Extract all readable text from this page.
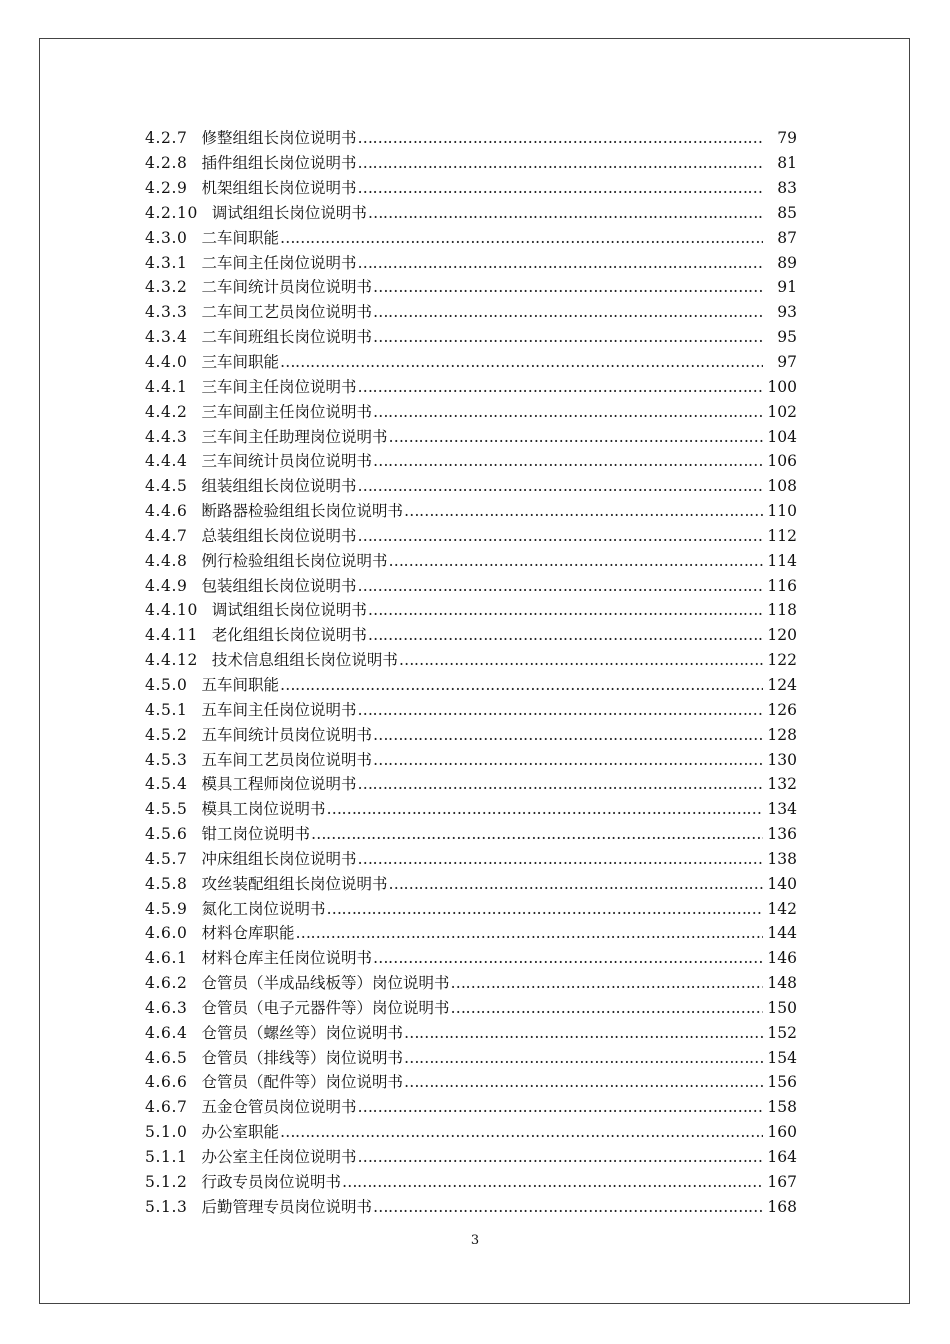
4.2.7 修整组组长岗位说明书 ……………………………………………………………………………………………………………………………………………………………	79
4.2.8 插件组组长岗位说明书 ……………………………………………………………………………………………………………………………………………………………	81
4.2.9 机架组组长岗位说明书 ……………………………………………………………………………………………………………………………………………………………	83
4.2.10 调试组组长岗位说明书 ……………………………………………………………………………………………………………………………………………………………	85
4.3.0 二车间职能 ……………………………………………………………………………………………………………………………………………………………	87
4.3.1 二车间主任岗位说明书 ……………………………………………………………………………………………………………………………………………………………	89
4.3.2 二车间统计员岗位说明书 ……………………………………………………………………………………………………………………………………………………………	91
4.3.3 二车间工艺员岗位说明书 ……………………………………………………………………………………………………………………………………………………………	93
4.3.4 二车间班组长岗位说明书 ……………………………………………………………………………………………………………………………………………………………	95
4.4.0 三车间职能 ……………………………………………………………………………………………………………………………………………………………	97
4.4.1 三车间主任岗位说明书 ……………………………………………………………………………………………………………………………………………………………	100
4.4.2 三车间副主任岗位说明书 ……………………………………………………………………………………………………………………………………………………………	102
4.4.3 三车间主任助理岗位说明书 ……………………………………………………………………………………………………………………………………………………………	104
4.4.4 三车间统计员岗位说明书 ……………………………………………………………………………………………………………………………………………………………	106
4.4.5 组装组组长岗位说明书 ……………………………………………………………………………………………………………………………………………………………	108
4.4.6 断路器检验组组长岗位说明书 ……………………………………………………………………………………………………………………………………………………………	110
4.4.7 总装组组长岗位说明书 ……………………………………………………………………………………………………………………………………………………………	112
4.4.8 例行检验组组长岗位说明书 ……………………………………………………………………………………………………………………………………………………………	114
4.4.9 包装组组长岗位说明书 ……………………………………………………………………………………………………………………………………………………………	116
4.4.10 调试组组长岗位说明书 ……………………………………………………………………………………………………………………………………………………………	118
4.4.11 老化组组长岗位说明书 ……………………………………………………………………………………………………………………………………………………………	120
4.4.12 技术信息组组长岗位说明书 ……………………………………………………………………………………………………………………………………………………………	122
4.5.0 五车间职能 ……………………………………………………………………………………………………………………………………………………………	124
4.5.1 五车间主任岗位说明书 ……………………………………………………………………………………………………………………………………………………………	126
4.5.2 五车间统计员岗位说明书 ……………………………………………………………………………………………………………………………………………………………	128
4.5.3 五车间工艺员岗位说明书 ……………………………………………………………………………………………………………………………………………………………	130
4.5.4 模具工程师岗位说明书 ……………………………………………………………………………………………………………………………………………………………	132
4.5.5 模具工岗位说明书 ……………………………………………………………………………………………………………………………………………………………	134
4.5.6 钳工岗位说明书 ……………………………………………………………………………………………………………………………………………………………	136
4.5.7 冲床组组长岗位说明书 ……………………………………………………………………………………………………………………………………………………………	138
4.5.8 攻丝装配组组长岗位说明书 ……………………………………………………………………………………………………………………………………………………………	140
4.5.9 氮化工岗位说明书 ……………………………………………………………………………………………………………………………………………………………	142
4.6.0 材料仓库职能 ……………………………………………………………………………………………………………………………………………………………	144
4.6.1 材料仓库主任岗位说明书 ……………………………………………………………………………………………………………………………………………………………	146
4.6.2 仓管员（半成品线板等）岗位说明书 ……………………………………………………………………………………………………………………………………………………………	148
4.6.3 仓管员（电子元器件等）岗位说明书 ……………………………………………………………………………………………………………………………………………………………	150
4.6.4 仓管员（螺丝等）岗位说明书 ……………………………………………………………………………………………………………………………………………………………	152
4.6.5 仓管员（排线等）岗位说明书 ……………………………………………………………………………………………………………………………………………………………	154
4.6.6 仓管员（配件等）岗位说明书 ……………………………………………………………………………………………………………………………………………………………	156
4.6.7 五金仓管员岗位说明书 ……………………………………………………………………………………………………………………………………………………………	158
5.1.0 办公室职能 ……………………………………………………………………………………………………………………………………………………………	160
5.1.1 办公室主任岗位说明书 ……………………………………………………………………………………………………………………………………………………………	164
5.1.2 行政专员岗位说明书 ……………………………………………………………………………………………………………………………………………………………	167
5.1.3 后勤管理专员岗位说明书 ……………………………………………………………………………………………………………………………………………………………	168
3
